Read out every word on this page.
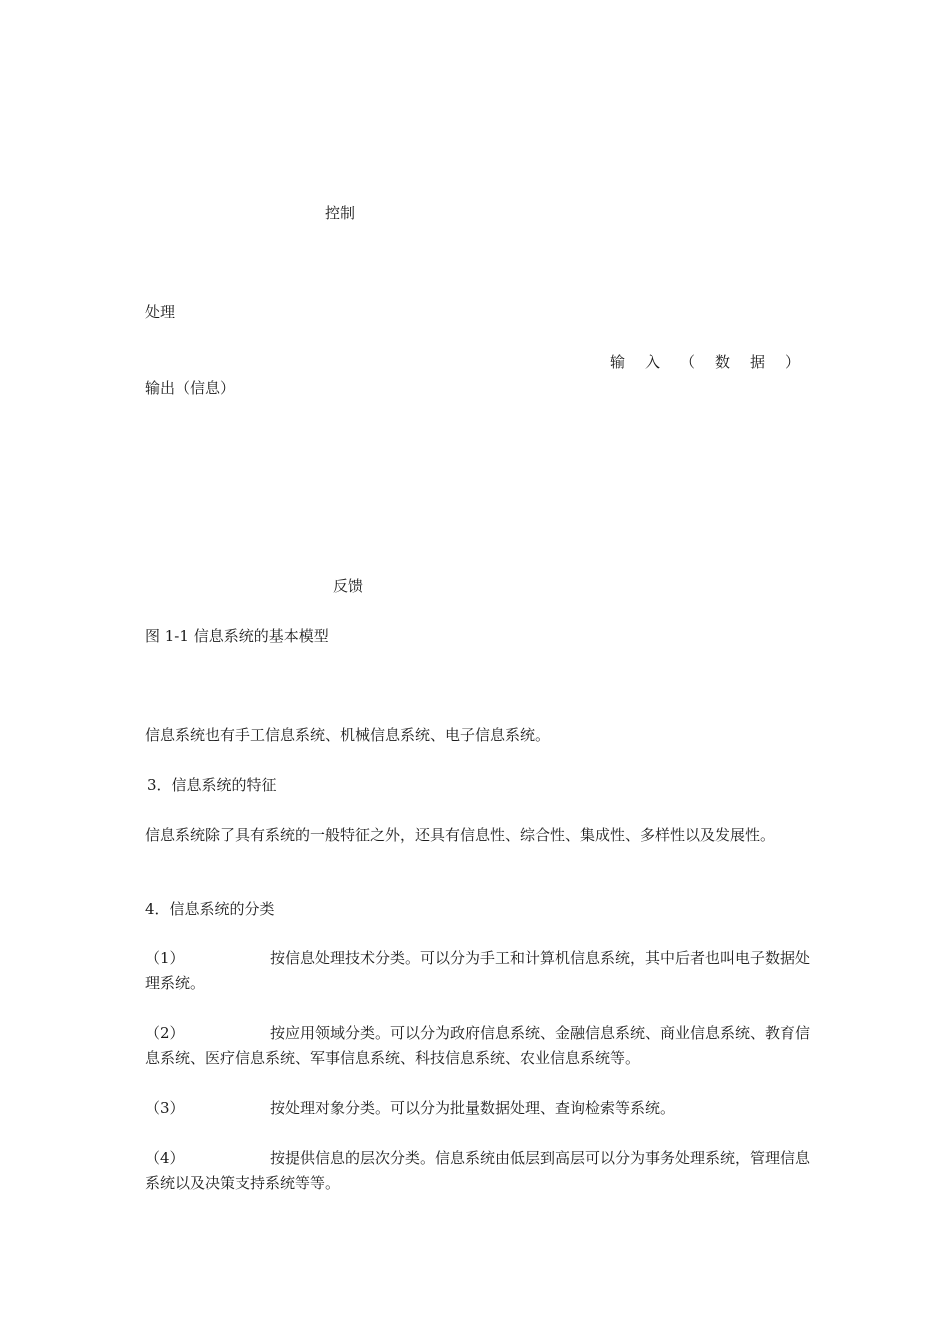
控制
处理
输入（数据）
输出（信息）
反馈
图 1-1 信息系统的基本模型
信息系统也有手工信息系统、机械信息系统、电子信息系统。
3．信息系统的特征
信息系统除了具有系统的一般特征之外，还具有信息性、综合性、集成性、多样性以及发展性。
4．信息系统的分类
（1）	按信息处理技术分类。可以分为手工和计算机信息系统，其中后者也叫电子数据处理系统。
（2）	按应用领域分类。可以分为政府信息系统、金融信息系统、商业信息系统、教育信息系统、医疗信息系统、军事信息系统、科技信息系统、农业信息系统等。
（3）	按处理对象分类。可以分为批量数据处理、查询检索等系统。
（4）	按提供信息的层次分类。信息系统由低层到高层可以分为事务处理系统，管理信息系统以及决策支持系统等等。
